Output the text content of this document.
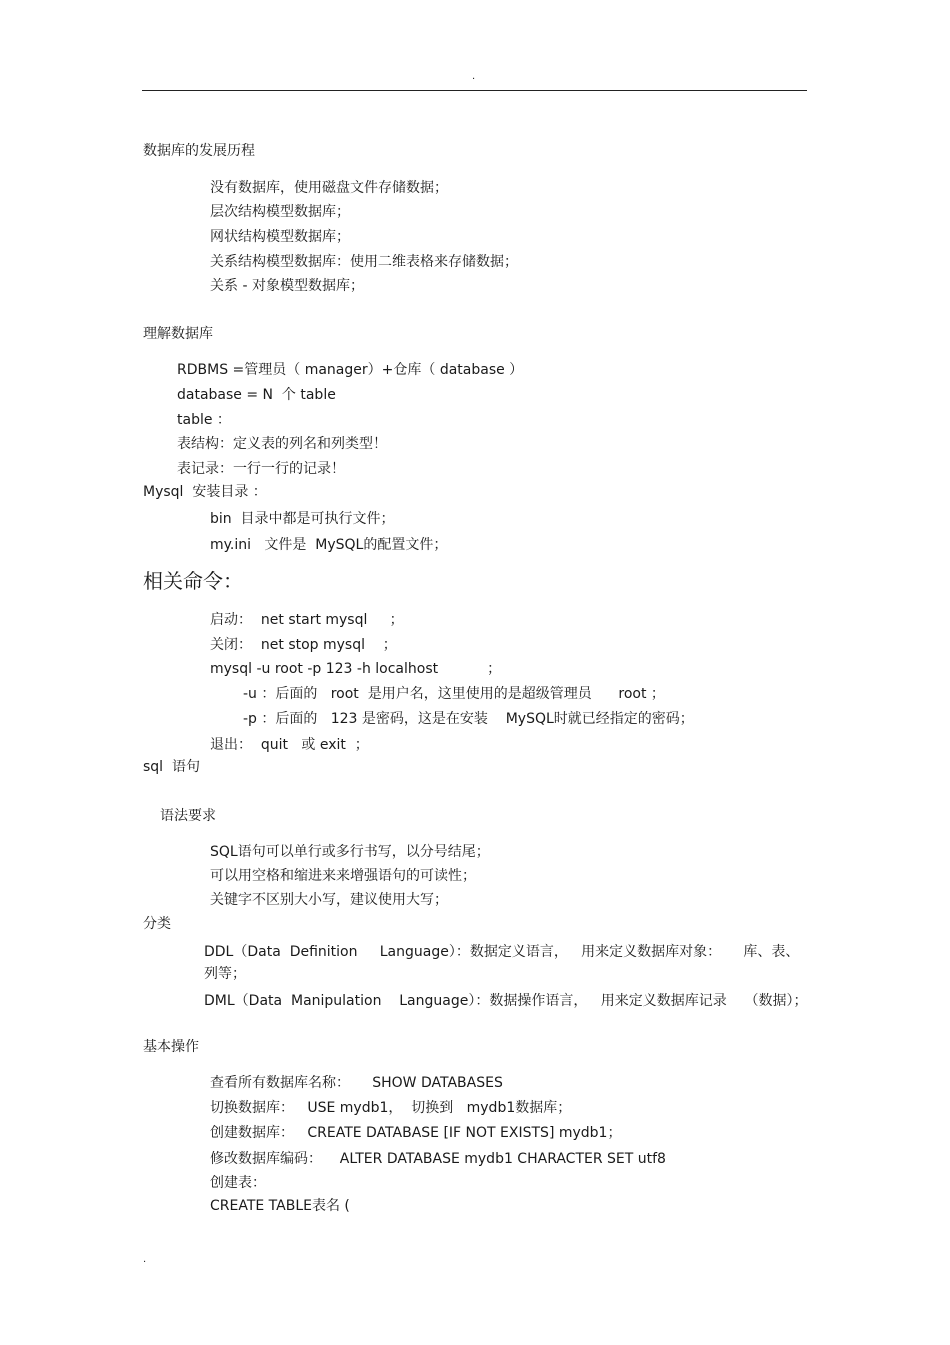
.
数据库的发展历程
没有数据库，使用磁盘文件存储数据；
层次结构模型数据库；
网状结构模型数据库；
关系结构模型数据库：使用二维表格来存储数据；
关系 - 对象模型数据库；
理解数据库
RDBMS =管理员（ manager）+仓库（ database ）
database = N  个 table
table ：
表结构：定义表的列名和列类型！
表记录：一行一行的记录！
Mysql  安装目录 ：
bin  目录中都是可执行文件；
my.ini   文件是  MySQL的配置文件；
相关命令：
启动：  net start mysql     ；
关闭：  net stop mysql    ；
mysql -u root -p 123 -h localhost           ；
-u ：后面的   root  是用户名，这里使用的是超级管理员      root ；
-p ：后面的   123 是密码，这是在安装    MySQL时就已经指定的密码；
退出：  quit   或 exit  ；
sql  语句
语法要求
SQL语句可以单行或多行书写，以分号结尾；
可以用空格和缩进来来增强语句的可读性；
关键字不区别大小写，建议使用大写；
分类
DDL（Data  Definition     Language）：数据定义语言，   用来定义数据库对象：     库、表、
列等；
DML（Data  Manipulation    Language）：数据操作语言，   用来定义数据库记录    （数据）；
基本操作
查看所有数据库名称：     SHOW DATABASES
切换数据库：   USE mydb1，  切换到   mydb1数据库；
创建数据库：   CREATE DATABASE [IF NOT EXISTS] mydb1；
修改数据库编码：    ALTER DATABASE mydb1 CHARACTER SET utf8
创建表：
CREATE TABLE表名 (
.
